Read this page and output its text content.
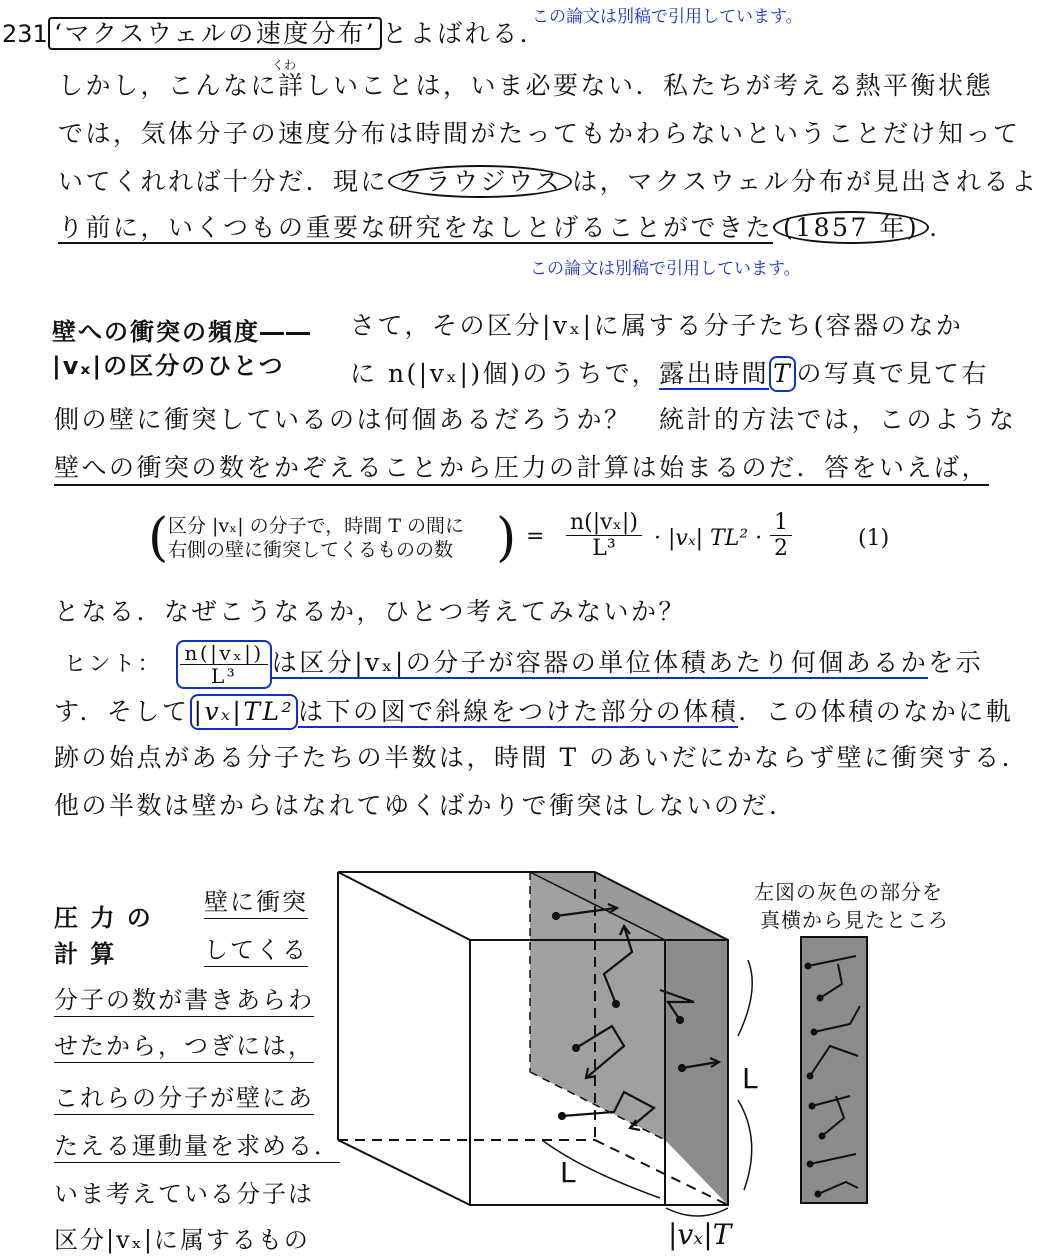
231
この論文は別稿で引用しています。
この論文は別稿で引用しています。
‘マクスウェルの速度分布’ とよばれる．
くわ
しかし，こんなに詳しいことは，いま必要ない．私たちが考える熱平衡状態
では，気体分子の速度分布は時間がたってもかわらないということだけ知って
いてくれれば十分だ．現に クラウジウス は，マクスウェル分布が見出されるよ
り前に，いくつもの重要な研究をなしとげることができた (1857 年) .
壁への衝突の頻度――
|vₓ|の区分のひとつ
さて，その区分|vₓ|に属する分子たち(容器のなか
に n(|vₓ|)個)のうちで，露出時間 T の写真で見て右
側の壁に衝突しているのは何個あるだろうか？　統計的方法では，このような
壁への衝突の数をかぞえることから圧力の計算は始まるのだ．答をいえば，
( 区分 |vₓ| の分子で，時間 T の間に
右側の壁に衝突してくるものの数 ) = $\frac{\text{n(|vₓ|)}}{\text{L³}} \cdot |v_x|$ $TL^2 \cdot \frac{1}{2}$	(1)
となる．なぜこうなるか，ひとつ考えてみないか？
ヒント： $\frac{\text{n(|vₓ|)}}{\text{L³}}$ は区分|vₓ|の分子が容器の単位体積あたり何個あるかを示
す．そして |vₓ|TL² は下の図で斜線をつけた部分の体積．この体積のなかに軌
跡の始点がある分子たちの半数は，時間 T のあいだにかならず壁に衝突する．
他の半数は壁からはなれてゆくばかりで衝突はしないのだ．
圧 力 の
計 算
壁に衝突
してくる
分子の数が書きあらわ
せたから，つぎには，
これらの分子が壁にあ
たえる運動量を求める．
いま考えている分子は
区分|vₓ|に属するもの
L
L
|vₓ|T
左図の灰色の部分を
真横から見たところ
